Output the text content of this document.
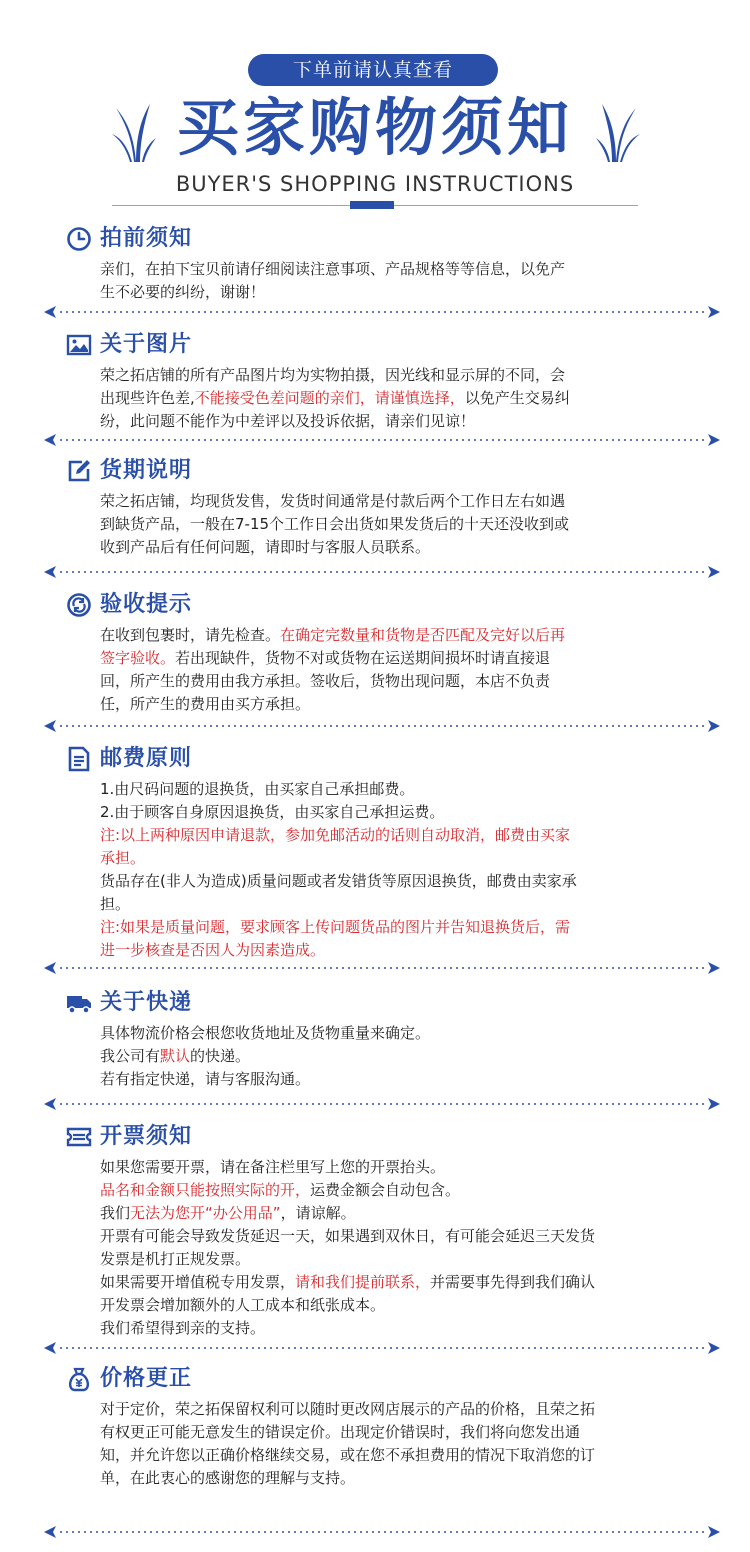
下单前请认真查看
买家购物须知
BUYER'S SHOPPING INSTRUCTIONS
拍前须知

亲们，在拍下宝贝前请仔细阅读注意事项、产品规格等等信息，以免产

生不必要的纠纷，谢谢！

关于图片

荣之拓店铺的所有产品图片均为实物拍摄，因光线和显示屏的不同，会

出现些许色差,不能接受色差问题的亲们，请谨慎选择，以免产生交易纠

纷，此问题不能作为中差评以及投诉依据，请亲们见谅！

货期说明

荣之拓店铺，均现货发售，发货时间通常是付款后两个工作日左右如遇

到缺货产品，一般在7-15个工作日会出货如果发货后的十天还没收到或

收到产品后有任何问题，请即时与客服人员联系。

验收提示

在收到包裹时，请先检查。在确定完数量和货物是否匹配及完好以后再

签字验收。若出现缺件，货物不对或货物在运送期间损坏时请直接退

回，所产生的费用由我方承担。签收后，货物出现问题，本店不负责

任，所产生的费用由买方承担。

邮费原则

1.由尺码问题的退换货，由买家自己承担邮费。

2.由于顾客自身原因退换货，由买家自己承担运费。

注:以上两种原因申请退款，参加免邮活动的话则自动取消，邮费由买家

承担。

货品存在(非人为造成)质量问题或者发错货等原因退换货，邮费由卖家承

担。

注:如果是质量问题，要求顾客上传问题货品的图片并告知退换货后，需

进一步核查是否因人为因素造成。

关于快递

具体物流价格会根您收货地址及货物重量来确定。

我公司有默认的快递。

若有指定快递，请与客服沟通。

开票须知

如果您需要开票，请在备注栏里写上您的开票抬头。

品名和金额只能按照实际的开，运费金额会自动包含。

我们无法为您开“办公用品”，请谅解。

开票有可能会导致发货延迟一天，如果遇到双休日，有可能会延迟三天发货

发票是机打正规发票。

如果需要开增值税专用发票，请和我们提前联系，并需要事先得到我们确认

开发票会增加额外的人工成本和纸张成本。

我们希望得到亲的支持。

价格更正

对于定价，荣之拓保留权利可以随时更改网店展示的产品的价格，且荣之拓

有权更正可能无意发生的错误定价。出现定价错误时，我们将向您发出通

知，并允许您以正确价格继续交易，或在您不承担费用的情况下取消您的订

单，在此衷心的感谢您的理解与支持。
